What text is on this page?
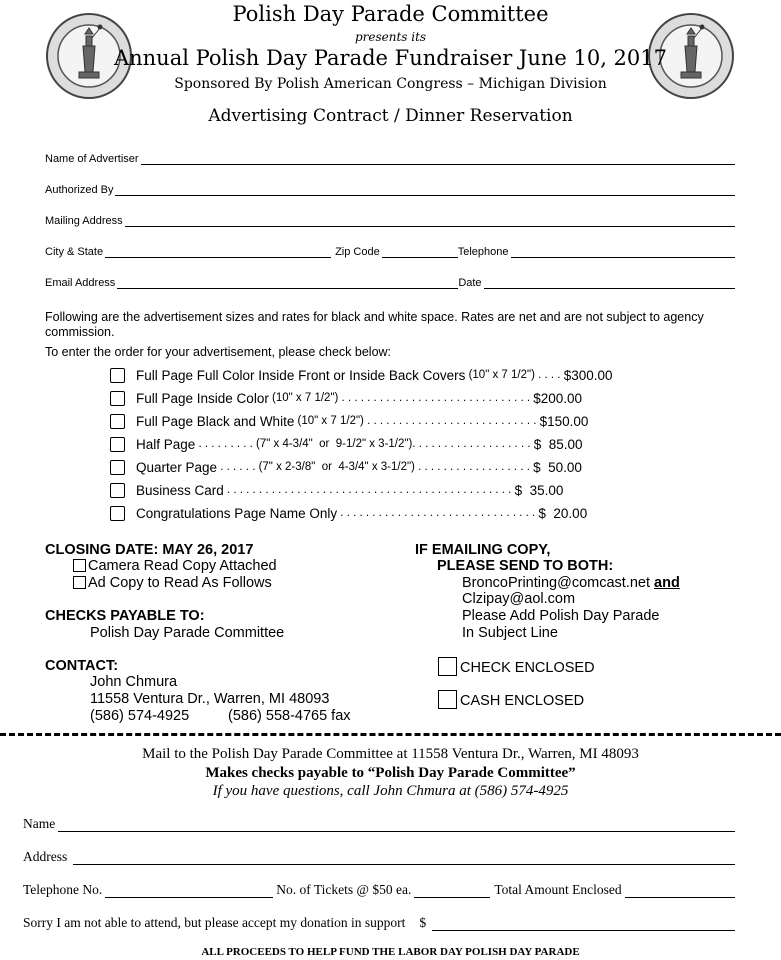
Polish Day Parade Committee
presents its
Annual Polish Day Parade Fundraiser June 10, 2017
Sponsored By Polish American Congress – Michigan Division
Advertising Contract / Dinner Reservation
Name of Advertiser
Authorized By
Mailing Address
City & State	Zip Code	Telephone
Email Address	Date
Following are the advertisement sizes and rates for black and white space. Rates are net and are not subject to agency commission.
To enter the order for your advertisement, please check below:
Full Page Full Color Inside Front or Inside Back Covers (10" x 7 1/2") . . . . $300.00
Full Page Inside Color (10" x 7 1/2") . . . . . . . . . . . . . . . . . . . . . . . . . . . . . . $200.00
Full Page Black and White (10" x 7 1/2") . . . . . . . . . . . . . . . . . . . . . . . . . . . $150.00
Half Page . . . . . . . . . (7" x 4-3/4"  or  9-1/2" x 3-1/2"). . . . . . . . . . . . . . . . . . . $  85.00
Quarter Page . . . . . . (7" x 2-3/8"  or  4-3/4" x 3-1/2") . . . . . . . . . . . . . . . . . . $  50.00
Business Card . . . . . . . . . . . . . . . . . . . . . . . . . . . . . . . . . . . . . . . . . . . . . $  35.00
Congratulations Page Name Only . . . . . . . . . . . . . . . . . . . . . . . . . . . . . . . $  20.00
CLOSING DATE: MAY 26, 2017
Camera Read Copy Attached
Ad Copy to Read As Follows
CHECKS PAYABLE TO:
Polish Day Parade Committee
CONTACT:
John Chmura
11558 Ventura Dr., Warren, MI 48093
(586) 574-4925	(586) 558-4765 fax
IF EMAILING COPY,
PLEASE SEND TO BOTH:
BroncoPrinting@comcast.net and
Clzipay@aol.com
Please Add Polish Day Parade
In Subject Line
CHECK ENCLOSED
CASH ENCLOSED
Mail to the Polish Day Parade Committee at 11558 Ventura Dr., Warren, MI 48093
Makes checks payable to “Polish Day Parade Committee”
If you have questions, call John Chmura at (586) 574-4925
Name
Address
Telephone No.	No. of Tickets @ $50 ea.	Total Amount Enclosed
Sorry I am not able to attend, but please accept my donation in support $
ALL PROCEEDS TO HELP FUND THE LABOR DAY POLISH DAY PARADE
